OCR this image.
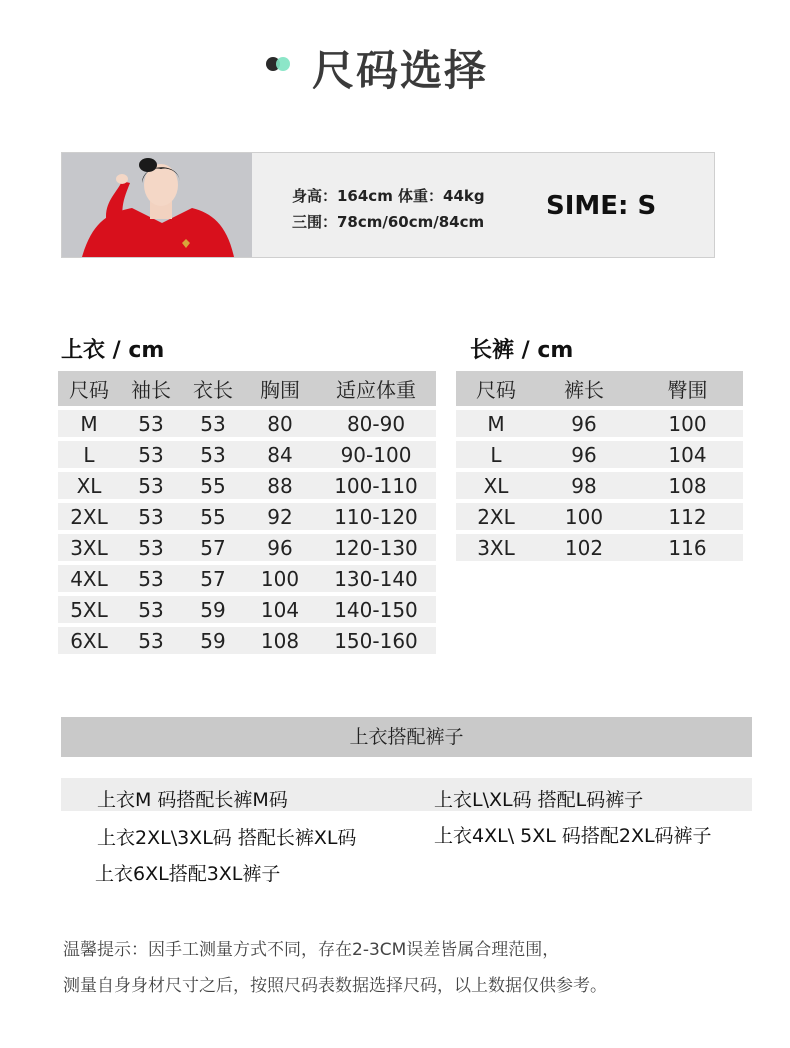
尺码选择
身高：164cm 体重：44kg
三围：78cm/60cm/84cm
SIME: S
上衣 / cm
尺码	袖长	衣长	胸围	适应体重
M	53	53	80	80-90
L	53	53	84	90-100
XL	53	55	88	100-110
2XL	53	55	92	110-120
3XL	53	57	96	120-130
4XL	53	57	100	130-140
5XL	53	59	104	140-150
6XL	53	59	108	150-160
长裤 / cm
尺码	裤长	臀围
M	96	100
L	96	104
XL	98	108
2XL	100	112
3XL	102	116
上衣搭配裤子
上衣M 码搭配长裤M码	上衣L\XL码 搭配L码裤子
上衣2XL\3XL码 搭配长裤XL码	上衣4XL\ 5XL 码搭配2XL码裤子
上衣6XL搭配3XL裤子
温馨提示：因手工测量方式不同，存在2-3CM误差皆属合理范围，
测量自身身材尺寸之后，按照尺码表数据选择尺码，以上数据仅供参考。
